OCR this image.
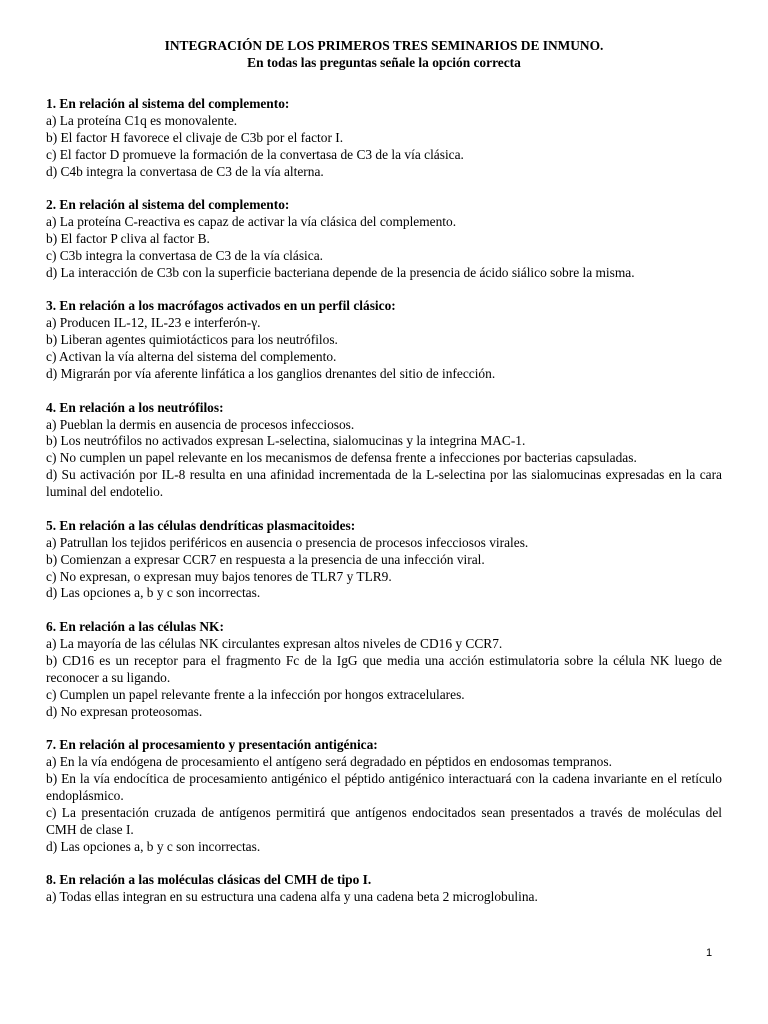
INTEGRACIÓN DE LOS PRIMEROS TRES SEMINARIOS DE INMUNO.
En todas las preguntas señale la opción correcta
1. En relación al sistema del complemento:
a) La proteína C1q es monovalente.
b) El factor H favorece el clivaje de C3b por el factor I.
c) El factor D promueve la formación de la convertasa de C3 de la vía clásica.
d) C4b integra la convertasa de C3 de la vía alterna.
2. En relación al sistema del complemento:
a) La proteína C-reactiva es capaz de activar la vía clásica del complemento.
b) El factor P cliva al factor B.
c) C3b integra la convertasa de C3 de la vía clásica.
d) La interacción de C3b con la superficie bacteriana depende de la presencia de ácido siálico sobre la misma.
3. En relación a los macrófagos activados en un perfil clásico:
a) Producen IL-12, IL-23 e interferón-γ.
b) Liberan agentes quimiotácticos para los neutrófilos.
c) Activan la vía alterna del sistema del complemento.
d) Migrarán por vía aferente linfática a los ganglios drenantes del sitio de infección.
4. En relación a los neutrófilos:
a) Pueblan la dermis en ausencia de procesos infecciosos.
b) Los neutrófilos no activados expresan L-selectina, sialomucinas y la integrina MAC-1.
c) No cumplen un papel relevante en los mecanismos de defensa frente a infecciones por bacterias capsuladas.
d) Su activación por IL-8 resulta en una afinidad incrementada de la L-selectina por las sialomucinas expresadas en la cara luminal del endotelio.
5. En relación a las células dendríticas plasmacitoides:
a) Patrullan los tejidos periféricos en ausencia o presencia de procesos infecciosos virales.
b) Comienzan a expresar CCR7 en respuesta a la presencia de una infección viral.
c) No expresan, o expresan muy bajos tenores de TLR7 y TLR9.
d) Las opciones a, b y c son incorrectas.
6. En relación a las células NK:
a) La mayoría de las células NK circulantes expresan altos niveles de CD16 y CCR7.
b) CD16 es un receptor para el fragmento Fc de la IgG que media una acción estimulatoria sobre la célula NK luego de reconocer a su ligando.
c) Cumplen un papel relevante frente a la infección por hongos extracelulares.
d) No expresan proteosomas.
7. En relación al procesamiento y presentación antigénica:
a) En la vía endógena de procesamiento el antígeno será degradado en péptidos en endosomas tempranos.
b) En la vía endocítica de procesamiento antigénico el péptido antigénico interactuará con la cadena invariante en el retículo endoplásmico.
c) La presentación cruzada de antígenos permitirá que antígenos endocitados sean presentados a través de moléculas del CMH de clase I.
d) Las opciones a, b y c son incorrectas.
8. En relación a las moléculas clásicas del CMH de tipo I.
a) Todas ellas integran en su estructura una cadena alfa y una cadena beta 2 microglobulina.
1
